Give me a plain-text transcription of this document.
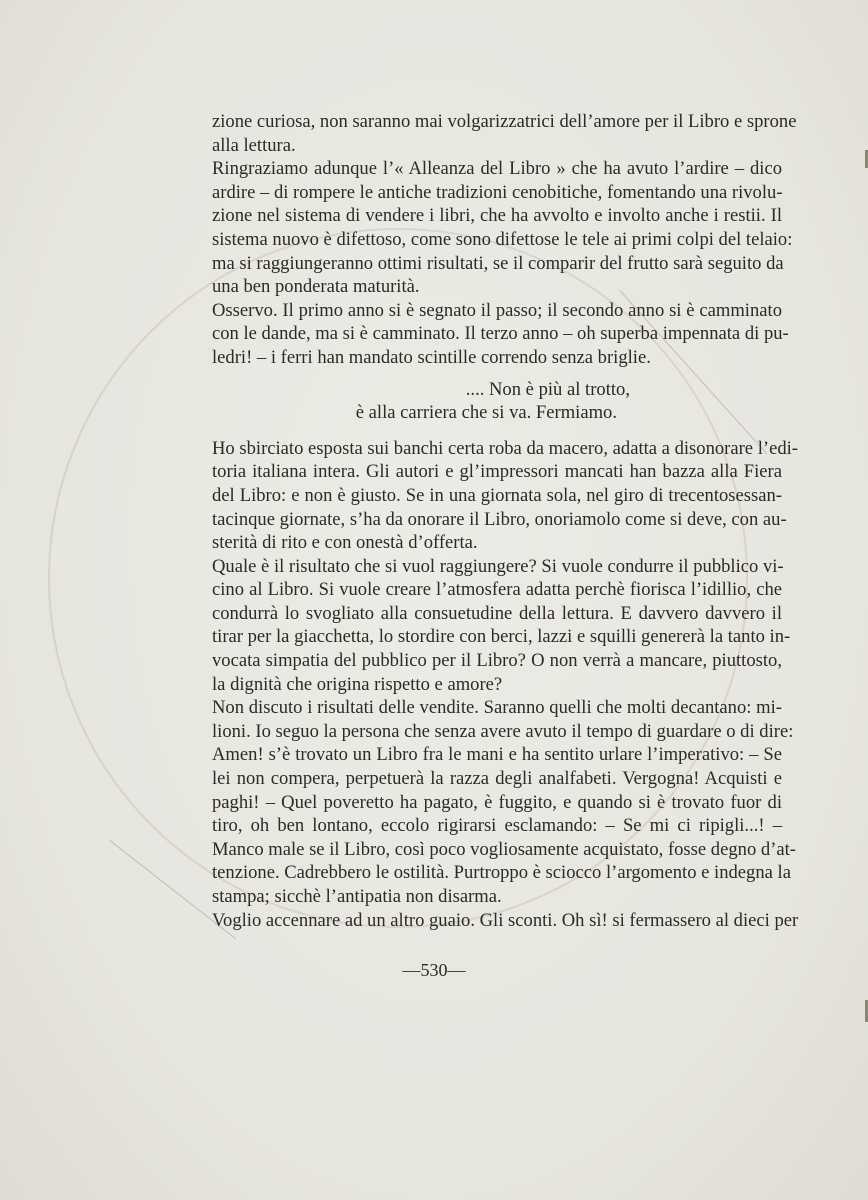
zione curiosa, non saranno mai volgarizzatrici dell’amore per il Libro e sprone
alla lettura.
Ringraziamo adunque l’« Alleanza del Libro » che ha avuto l’ardire – dico
ardire – di rompere le antiche tradizioni cenobitiche, fomentando una rivolu-
zione nel sistema di vendere i libri, che ha avvolto e involto anche i restii. Il
sistema nuovo è difettoso, come sono difettose le tele ai primi colpi del telaio:
ma si raggiungeranno ottimi risultati, se il comparir del frutto sarà seguito da
una ben ponderata maturità.
Osservo. Il primo anno si è segnato il passo; il secondo anno si è camminato
con le dande, ma si è camminato. Il terzo anno – oh superba impennata di pu-
ledri! – i ferri han mandato scintille correndo senza briglie.
.... Non è più al trotto,
è alla carriera che si va. Fermiamo.
Ho sbirciato esposta sui banchi certa roba da macero, adatta a disonorare l’edi-
toria italiana intera. Gli autori e gl’impressori mancati han bazza alla Fiera
del Libro: e non è giusto. Se in una giornata sola, nel giro di trecentosessan-
tacinque giornate, s’ha da onorare il Libro, onoriamolo come si deve, con au-
sterità di rito e con onestà d’offerta.
Quale è il risultato che si vuol raggiungere? Si vuole condurre il pubblico vi-
cino al Libro. Si vuole creare l’atmosfera adatta perchè fiorisca l’idillio, che
condurrà lo svogliato alla consuetudine della lettura. E davvero davvero il
tirar per la giacchetta, lo stordire con berci, lazzi e squilli genererà la tanto in-
vocata simpatia del pubblico per il Libro? O non verrà a mancare, piuttosto,
la dignità che origina rispetto e amore?
Non discuto i risultati delle vendite. Saranno quelli che molti decantano: mi-
lioni. Io seguo la persona che senza avere avuto il tempo di guardare o di dire:
Amen! s’è trovato un Libro fra le mani e ha sentito urlare l’imperativo: – Se
lei non compera, perpetuerà la razza degli analfabeti. Vergogna! Acquisti e
paghi! – Quel poveretto ha pagato, è fuggito, e quando si è trovato fuor di
tiro, oh ben lontano, eccolo rigirarsi esclamando: – Se mi ci ripigli...! –
Manco male se il Libro, così poco vogliosamente acquistato, fosse degno d’at-
tenzione. Cadrebbero le ostilità. Purtroppo è sciocco l’argomento e indegna la
stampa; sicchè l’antipatia non disarma.
Voglio accennare ad un altro guaio. Gli sconti. Oh sì! si fermassero al dieci per
—530—
